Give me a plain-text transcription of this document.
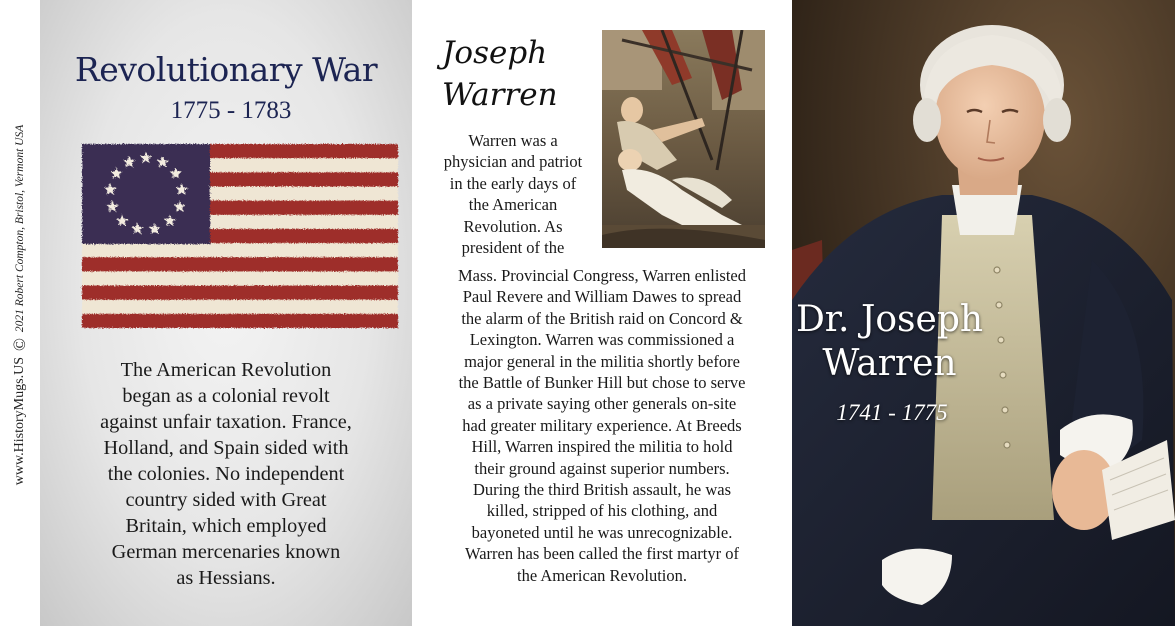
www.HistoryMugs.US
©
2021 Robert Compton, Bristol, Vermont USA
Revolutionary War
1775 - 1783
The American Revolution
began as a colonial revolt
against unfair taxation. France,
Holland, and Spain sided with
the colonies. No independent
country sided with Great
Britain, which employed
German mercenaries known
as Hessians.
Joseph
Warren
Warren was a
physician and patriot
in the early days of
the American
Revolution. As
president of the
Mass. Provincial Congress, Warren enlisted
Paul Revere and William Dawes to spread
the alarm of the British raid on Concord &
Lexington. Warren was commissioned a
major general in the militia shortly before
the Battle of Bunker Hill but chose to serve
as a private saying other generals on-site
had greater military experience. At Breeds
Hill, Warren inspired the militia to hold
their ground against superior numbers.
During the third British assault, he was
killed, stripped of his clothing, and
bayoneted until he was unrecognizable.
Warren has been called the first martyr of
the American Revolution.
Dr. Joseph
Warren
1741 - 1775
